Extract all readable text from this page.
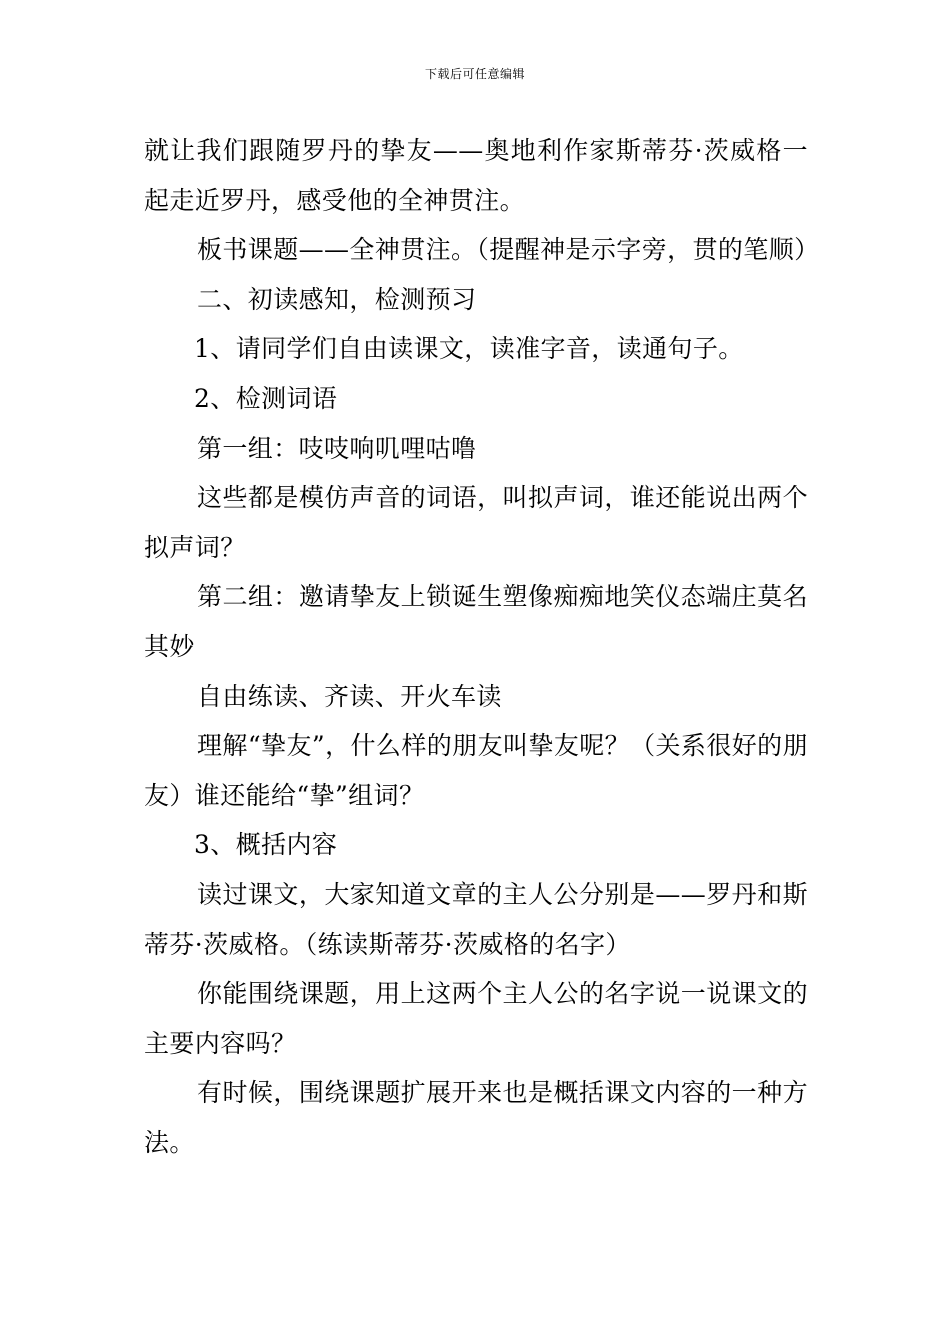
下载后可任意编辑

就让我们跟随罗丹的挚友——奥地利作家斯蒂芬·茨威格一起走近罗丹，感受他的全神贯注。

板书课题——全神贯注。（提醒神是示字旁，贯的笔顺）

二、初读感知，检测预习

1、请同学们自由读课文，读准字音，读通句子。

2、检测词语

第一组：吱吱响叽哩咕噜

这些都是模仿声音的词语，叫拟声词，谁还能说出两个拟声词？

第二组：邀请挚友上锁诞生塑像痴痴地笑仪态端庄莫名其妙

自由练读、齐读、开火车读

理解“挚友”，什么样的朋友叫挚友呢？（关系很好的朋友）谁还能给“挚”组词？

3、概括内容

读过课文，大家知道文章的主人公分别是——罗丹和斯蒂芬·茨威格。（练读斯蒂芬·茨威格的名字）

你能围绕课题，用上这两个主人公的名字说一说课文的主要内容吗？

有时候，围绕课题扩展开来也是概括课文内容的一种方法。
